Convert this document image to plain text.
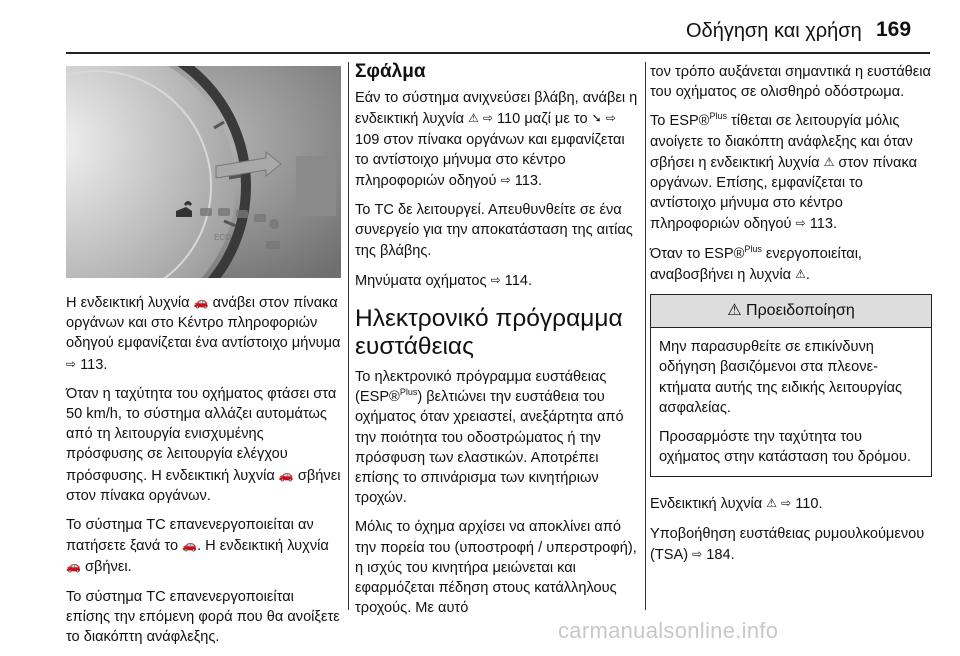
Οδήγηση και χρήση 169
ECO

Η ενδεικτική λυχνία 🚗 ανάβει στον πίνακα οργάνων και στο Κέντρο πληροφοριών οδηγού εμφανίζεται ένα αντίστοιχο μήνυμα ⇨ 113.

Όταν η ταχύτητα του οχήματος φτάσει στα 50 km/h, το σύστημα αλλάζει αυτομάτως από τη λειτουργία ενισχυμένης πρόσφυσης σε λειτουργία ελέγχου πρόσφυσης. Η ενδεικτική λυχνία 🚗 σβήνει στον πίνακα οργάνων.

Το σύστημα TC επανενεργοποιείται αν πατήσετε ξανά το 🚗. Η ενδεικτική λυχνία 🚗 σβήνει.

Το σύστημα TC επανενεργοποιείται επίσης την επόμενη φορά που θα ανοίξετε το διακόπτη ανάφλεξης.

Σφάλμα

Εάν το σύστημα ανιχνεύσει βλάβη, ανάβει η ενδεικτική λυχνία ⚠ ⇨ 110 μαζί με το ➘ ⇨ 109 στον πίνακα οργάνων και εμφανίζεται το αντίστοιχο μήνυμα στο κέντρο πληροφοριών οδηγού ⇨ 113.

Το TC δε λειτουργεί. Απευθυνθείτε σε ένα συνεργείο για την αποκατάσταση της αιτίας της βλάβης.

Μηνύματα οχήματος ⇨ 114.

Ηλεκτρονικό πρόγραμμα ευστάθειας

Το ηλεκτρονικό πρόγραμμα ευστάθειας (ESP®$^{Plus}$) βελτιώνει την ευστάθεια του οχήματος όταν χρειαστεί, ανεξάρτητα από την ποιότητα του οδοστρώματος ή την πρόσφυση των ελαστικών. Αποτρέπει επίσης το σπινάρισμα των κινητήριων τροχών.

Μόλις το όχημα αρχίσει να αποκλίνει από την πορεία του (υποστροφή / υπερστροφή), η ισχύς του κινητήρα μειώνεται και εφαρμόζεται πέδηση στους κατάλληλους τροχούς. Με αυτό

τον τρόπο αυξάνεται σημαντικά η ευστάθεια του οχήματος σε ολισθηρό οδόστρωμα.

Το ESP®$^{Plus}$ τίθεται σε λειτουργία μόλις ανοίγετε το διακόπτη ανάφλεξης και όταν σβήσει η ενδεικτική λυχνία ⚠ στον πίνακα οργάνων. Επίσης, εμφανίζεται το αντίστοιχο μήνυμα στο κέντρο πληροφοριών οδηγού ⇨ 113.

Όταν το ESP®$^{Plus}$ ενεργοποιείται, αναβοσβήνει η λυχνία ⚠.

⚠ Προειδοποίηση

Μην παρασυρθείτε σε επικίνδυνη οδήγηση βασιζόμενοι στα πλεονεκτήματα αυτής της ειδικής λειτουργίας ασφαλείας.

Προσαρμόστε την ταχύτητα του οχήματος στην κατάσταση του δρόμου.

Ενδεικτική λυχνία ⚠ ⇨ 110.

Υποβοήθηση ευστάθειας ρυμουλκούμενου (TSA) ⇨ 184.

carmanualsonline.info
